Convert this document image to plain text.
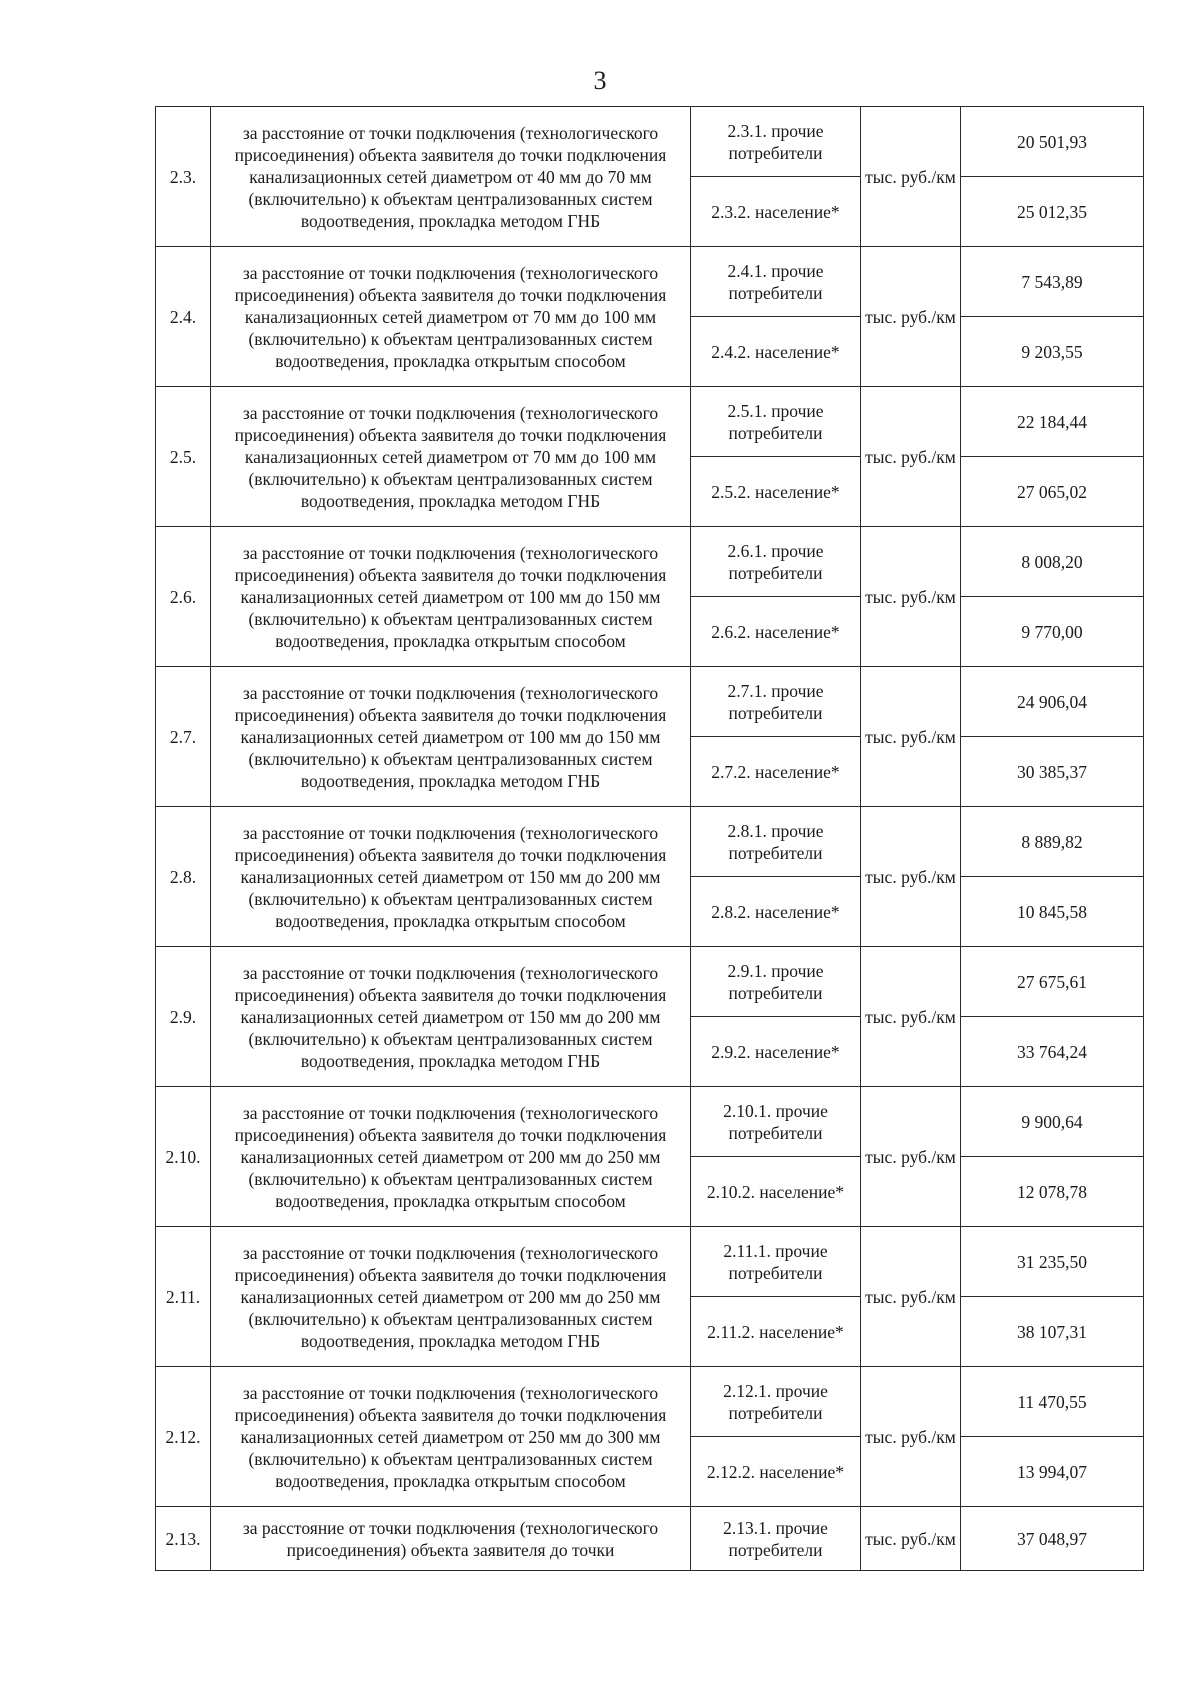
3
2.3.	за расстояние от точки подключения (технологического присоединения) объекта заявителя до точки подключения канализационных сетей диаметром от 40 мм до 70 мм (включительно) к объектам централизованных систем водоотведения, прокладка методом ГНБ	2.3.1. прочие потребители	тыс. руб./км	20 501,93
		2.3.2. население*		25 012,35
2.4.	за расстояние от точки подключения (технологического присоединения) объекта заявителя до точки подключения канализационных сетей диаметром от 70 мм до 100 мм (включительно) к объектам централизованных систем водоотведения, прокладка открытым способом	2.4.1. прочие потребители	тыс. руб./км	7 543,89
		2.4.2. население*		9 203,55
2.5.	за расстояние от точки подключения (технологического присоединения) объекта заявителя до точки подключения канализационных сетей диаметром от 70 мм до 100 мм (включительно) к объектам централизованных систем водоотведения, прокладка методом ГНБ	2.5.1. прочие потребители	тыс. руб./км	22 184,44
		2.5.2. население*		27 065,02
2.6.	за расстояние от точки подключения (технологического присоединения) объекта заявителя до точки подключения канализационных сетей диаметром от 100 мм до 150 мм (включительно) к объектам централизованных систем водоотведения, прокладка открытым способом	2.6.1. прочие потребители	тыс. руб./км	8 008,20
		2.6.2. население*		9 770,00
2.7.	за расстояние от точки подключения (технологического присоединения) объекта заявителя до точки подключения канализационных сетей диаметром от 100 мм до 150 мм (включительно) к объектам централизованных систем водоотведения, прокладка методом ГНБ	2.7.1. прочие потребители	тыс. руб./км	24 906,04
		2.7.2. население*		30 385,37
2.8.	за расстояние от точки подключения (технологического присоединения) объекта заявителя до точки подключения канализационных сетей диаметром от 150 мм до 200 мм (включительно) к объектам централизованных систем водоотведения, прокладка открытым способом	2.8.1. прочие потребители	тыс. руб./км	8 889,82
		2.8.2. население*		10 845,58
2.9.	за расстояние от точки подключения (технологического присоединения) объекта заявителя до точки подключения канализационных сетей диаметром от 150 мм до 200 мм (включительно) к объектам централизованных систем водоотведения, прокладка методом ГНБ	2.9.1. прочие потребители	тыс. руб./км	27 675,61
		2.9.2. население*		33 764,24
2.10.	за расстояние от точки подключения (технологического присоединения) объекта заявителя до точки подключения канализационных сетей диаметром от 200 мм до 250 мм (включительно) к объектам централизованных систем водоотведения, прокладка открытым способом	2.10.1. прочие потребители	тыс. руб./км	9 900,64
		2.10.2. население*		12 078,78
2.11.	за расстояние от точки подключения (технологического присоединения) объекта заявителя до точки подключения канализационных сетей диаметром от 200 мм до 250 мм (включительно) к объектам централизованных систем водоотведения, прокладка методом ГНБ	2.11.1. прочие потребители	тыс. руб./км	31 235,50
		2.11.2. население*		38 107,31
2.12.	за расстояние от точки подключения (технологического присоединения) объекта заявителя до точки подключения канализационных сетей диаметром от 250 мм до 300 мм (включительно) к объектам централизованных систем водоотведения, прокладка открытым способом	2.12.1. прочие потребители	тыс. руб./км	11 470,55
		2.12.2. население*		13 994,07
2.13.	за расстояние от точки подключения (технологического присоединения) объекта заявителя до точки	2.13.1. прочие потребители	тыс. руб./км	37 048,97
